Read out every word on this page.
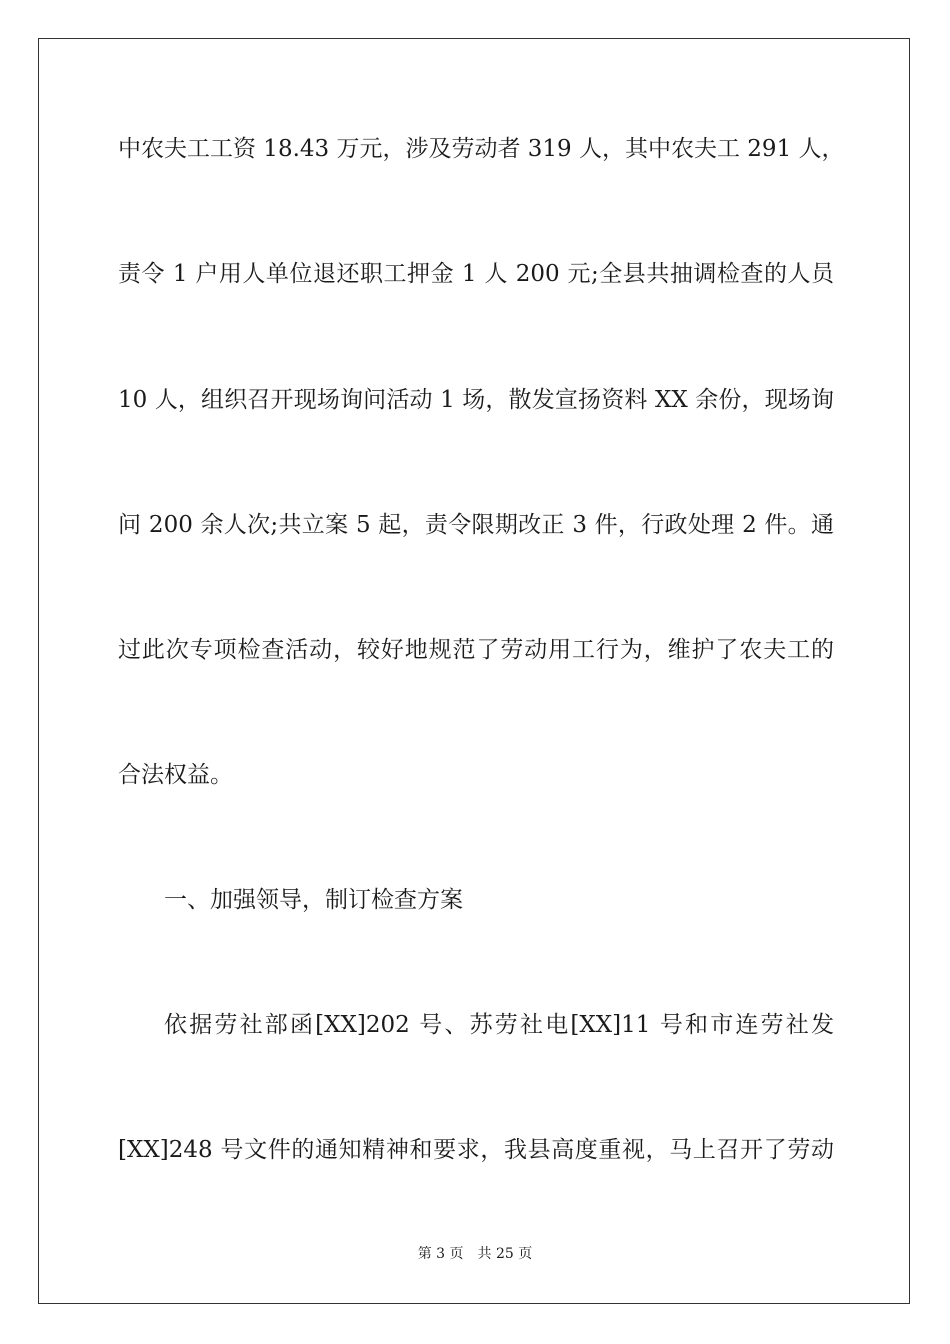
中农夫工工资 18.43 万元，涉及劳动者 319 人，其中农夫工 291 人，
责令 1 户用人单位退还职工押金 1 人 200 元;全县共抽调检查的人员
10 人，组织召开现场询问活动 1 场，散发宣扬资料 XX 余份，现场询
问 200 余人次;共立案 5 起，责令限期改正 3 件，行政处理 2 件。通
过此次专项检查活动，较好地规范了劳动用工行为，维护了农夫工的
合法权益。
一、加强领导，制订检查方案
依据劳社部函[XX]202 号、苏劳社电[XX]11 号和市连劳社发
[XX]248 号文件的通知精神和要求，我县高度重视，马上召开了劳动
第 3 页 共 25 页
